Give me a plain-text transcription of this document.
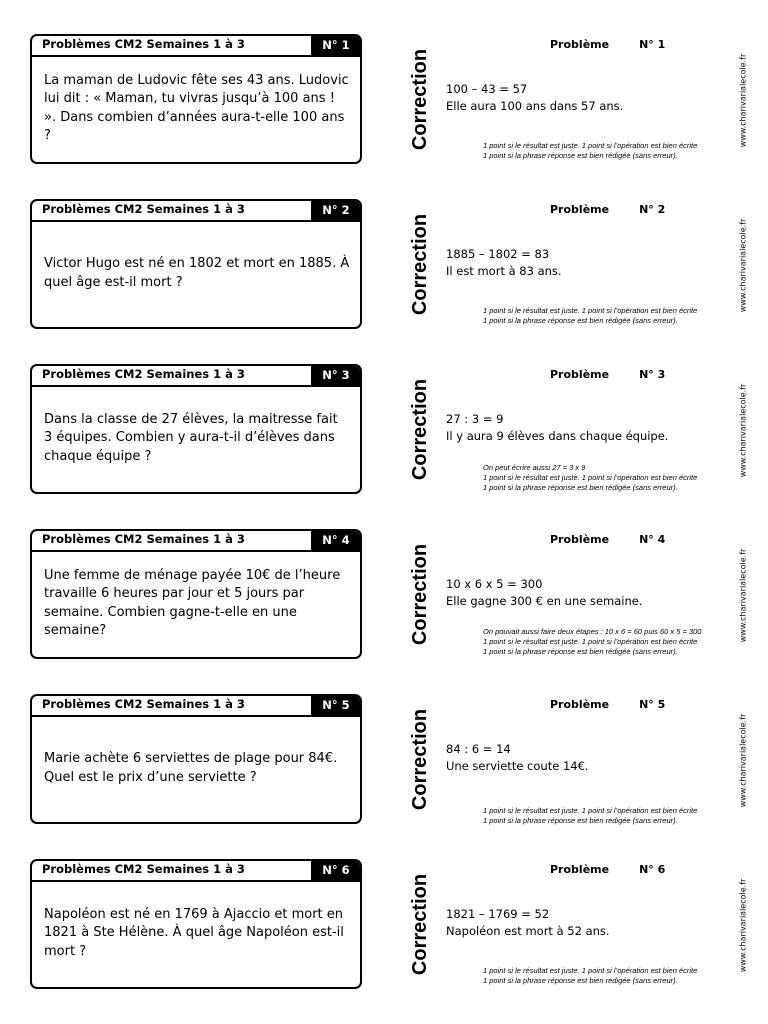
Problèmes CM2 Semaines 1 à 3	N° 1
La maman de Ludovic fête ses 43 ans. Ludovic lui dit : « Maman, tu vivras jusqu’à 100 ans ! ». Dans combien d’années aura-t-elle 100 ans ?	Correction
Problème	N° 1
100 – 43 = 57
Elle aura 100 ans dans 57 ans.
1 point si le résultat est juste. 1 point si l’opération est bien écrite
1 point si la phrase réponse est bien rédigée (sans erreur).
www.charivarialecole.fr
Problèmes CM2 Semaines 1 à 3	N° 2
Victor Hugo est né en 1802 et mort en 1885. À quel âge est-il mort ?	Correction
Problème	N° 2
1885 – 1802 = 83
Il est mort à 83 ans.
1 point si le résultat est juste. 1 point si l’opération est bien écrite
1 point si la phrase réponse est bien rédigée (sans erreur).
www.charivarialecole.fr
Problèmes CM2 Semaines 1 à 3	N° 3
Dans la classe de 27 élèves, la maitresse fait 3 équipes. Combien y aura-t-il d’élèves dans chaque équipe ?	Correction
Problème	N° 3
27 : 3 = 9
Il y aura 9 élèves dans chaque équipe.
On peut écrire aussi 27 = 3 x 9
1 point si le résultat est juste. 1 point si l’opération est bien écrite
1 point si la phrase réponse est bien rédigée (sans erreur).
www.charivarialecole.fr
Problèmes CM2 Semaines 1 à 3	N° 4
Une femme de ménage payée 10€ de l’heure travaille 6 heures par jour et 5 jours par semaine. Combien gagne-t-elle en une semaine?	Correction
Problème	N° 4
10 x 6 x 5 = 300
Elle gagne 300 € en une semaine.
On pouvait aussi faire deux étapes : 10 x 6 = 60 puis 60 x 5 = 300
1 point si le résultat est juste. 1 point si l’opération est bien écrite
1 point si la phrase réponse est bien rédigée (sans erreur).
www.charivarialecole.fr
Problèmes CM2 Semaines 1 à 3	N° 5
Marie achète 6 serviettes de plage pour 84€. Quel est le prix d’une serviette ?	Correction
Problème	N° 5
84 : 6 = 14
Une serviette coute 14€.
1 point si le résultat est juste. 1 point si l’opération est bien écrite
1 point si la phrase réponse est bien rédigée (sans erreur).
www.charivarialecole.fr
Problèmes CM2 Semaines 1 à 3	N° 6
Napoléon est né en 1769 à Ajaccio et mort en 1821 à Ste Hélène. À quel âge Napoléon est-il mort ?	Correction
Problème	N° 6
1821 – 1769 = 52
Napoléon est mort à 52 ans.
1 point si le résultat est juste. 1 point si l’opération est bien écrite
1 point si la phrase réponse est bien rédigée (sans erreur).
www.charivarialecole.fr
